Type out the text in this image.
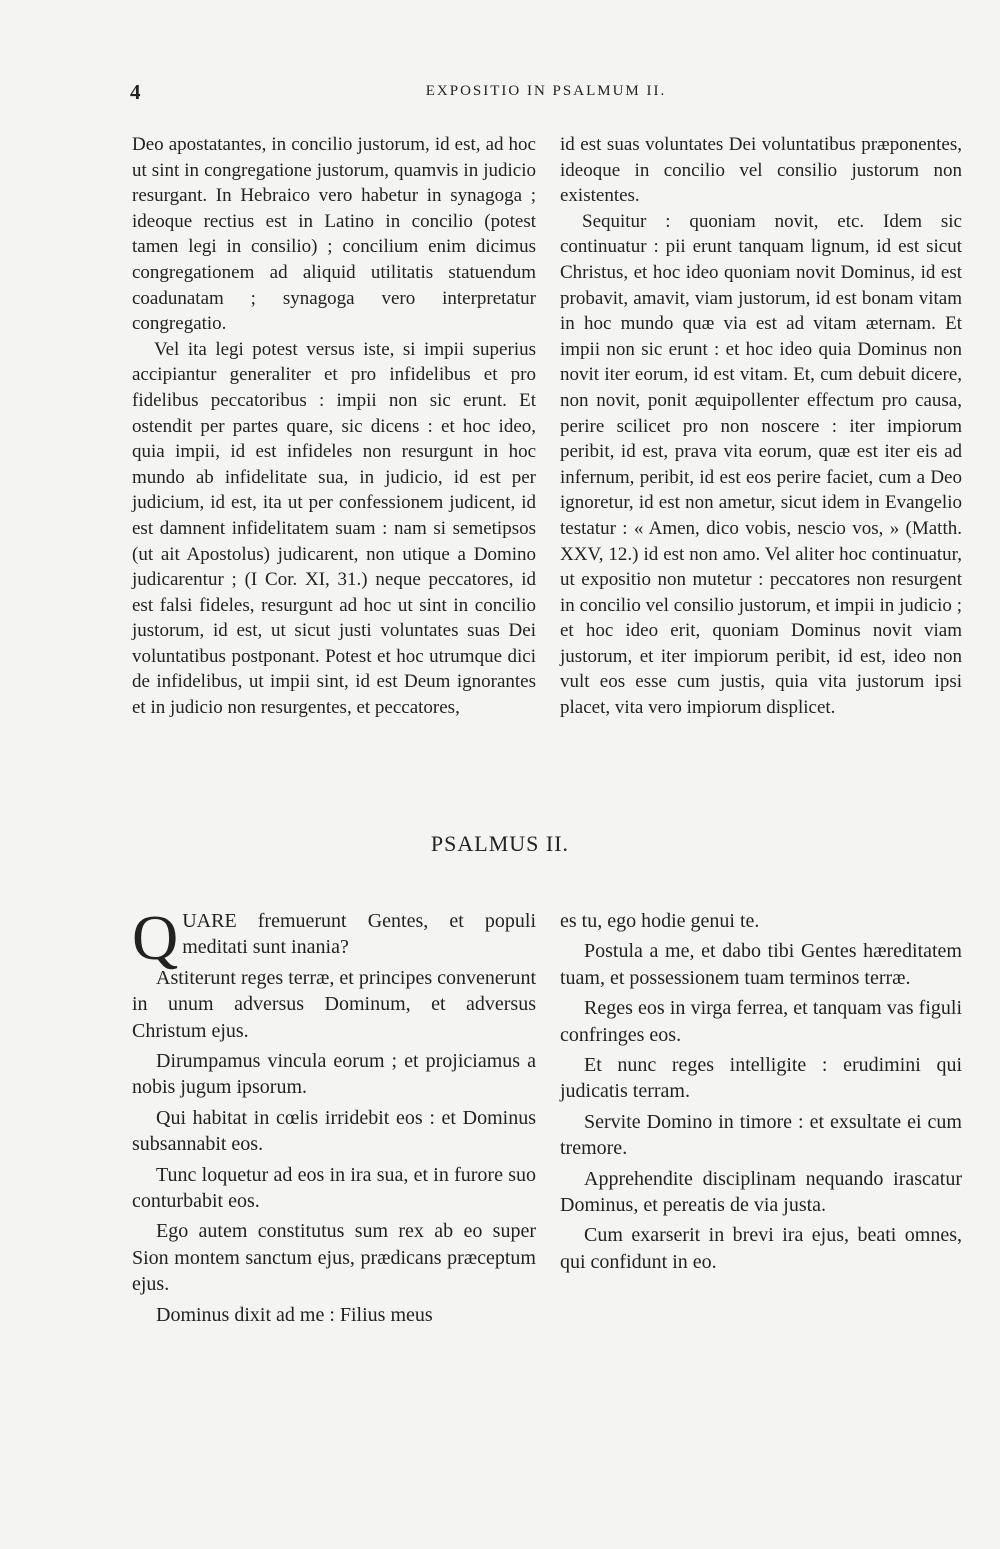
4	EXPOSITIO IN PSALMUM II.

Deo apostatantes, in concilio justorum, id est, ad hoc ut sint in congregatione justorum, quamvis in judicio resurgant. In Hebraico vero habetur in synagoga ; ideoque rectius est in Latino in concilio (potest tamen legi in consilio) ; concilium enim dicimus congregationem ad aliquid utilitatis statuendum coadunatam ; synagoga vero interpretatur congregatio.

Vel ita legi potest versus iste, si impii superius accipiantur generaliter et pro infidelibus et pro fidelibus peccatoribus : impii non sic erunt. Et ostendit per partes quare, sic dicens : et hoc ideo, quia impii, id est infideles non resurgunt in hoc mundo ab infidelitate sua, in judicio, id est per judicium, id est, ita ut per confessionem judicent, id est damnent infidelitatem suam : nam si semetipsos (ut ait Apostolus) judicarent, non utique a Domino judicarentur ; (I Cor. XI, 31.) neque peccatores, id est falsi fideles, resurgunt ad hoc ut sint in concilio justorum, id est, ut sicut justi voluntates suas Dei voluntatibus postponant. Potest et hoc utrumque dici de infidelibus, ut impii sint, id est Deum ignorantes et in judicio non resurgentes, et peccatores,

id est suas voluntates Dei voluntatibus præponentes, ideoque in concilio vel consilio justorum non existentes.

Sequitur : quoniam novit, etc. Idem sic continuatur : pii erunt tanquam lignum, id est sicut Christus, et hoc ideo quoniam novit Dominus, id est probavit, amavit, viam justorum, id est bonam vitam in hoc mundo quæ via est ad vitam æternam. Et impii non sic erunt : et hoc ideo quia Dominus non novit iter eorum, id est vitam. Et, cum debuit dicere, non novit, ponit æquipollenter effectum pro causa, perire scilicet pro non noscere : iter impiorum peribit, id est, prava vita eorum, quæ est iter eis ad infernum, peribit, id est eos perire faciet, cum a Deo ignoretur, id est non ametur, sicut idem in Evangelio testatur : « Amen, dico vobis, nescio vos, » (Matth. XXV, 12.) id est non amo. Vel aliter hoc continuatur, ut expositio non mutetur : peccatores non resurgent in concilio vel consilio justorum, et impii in judicio ; et hoc ideo erit, quoniam Dominus novit viam justorum, et iter impiorum peribit, id est, ideo non vult eos esse cum justis, quia vita justorum ipsi placet, vita vero impiorum displicet.

PSALMUS II.

QUARE fremuerunt Gentes, et populi meditati sunt inania?

Astiterunt reges terræ, et principes convenerunt in unum adversus Dominum, et adversus Christum ejus.

Dirumpamus vincula eorum ; et projiciamus a nobis jugum ipsorum.

Qui habitat in cœlis irridebit eos : et Dominus subsannabit eos.

Tunc loquetur ad eos in ira sua, et in furore suo conturbabit eos.

Ego autem constitutus sum rex ab eo super Sion montem sanctum ejus, prædicans præceptum ejus.

Dominus dixit ad me : Filius meus

es tu, ego hodie genui te.

Postula a me, et dabo tibi Gentes hæreditatem tuam, et possessionem tuam terminos terræ.

Reges eos in virga ferrea, et tanquam vas figuli confringes eos.

Et nunc reges intelligite : erudimini qui judicatis terram.

Servite Domino in timore : et exsultate ei cum tremore.

Apprehendite disciplinam nequando irascatur Dominus, et pereatis de via justa.

Cum exarserit in brevi ira ejus, beati omnes, qui confidunt in eo.
